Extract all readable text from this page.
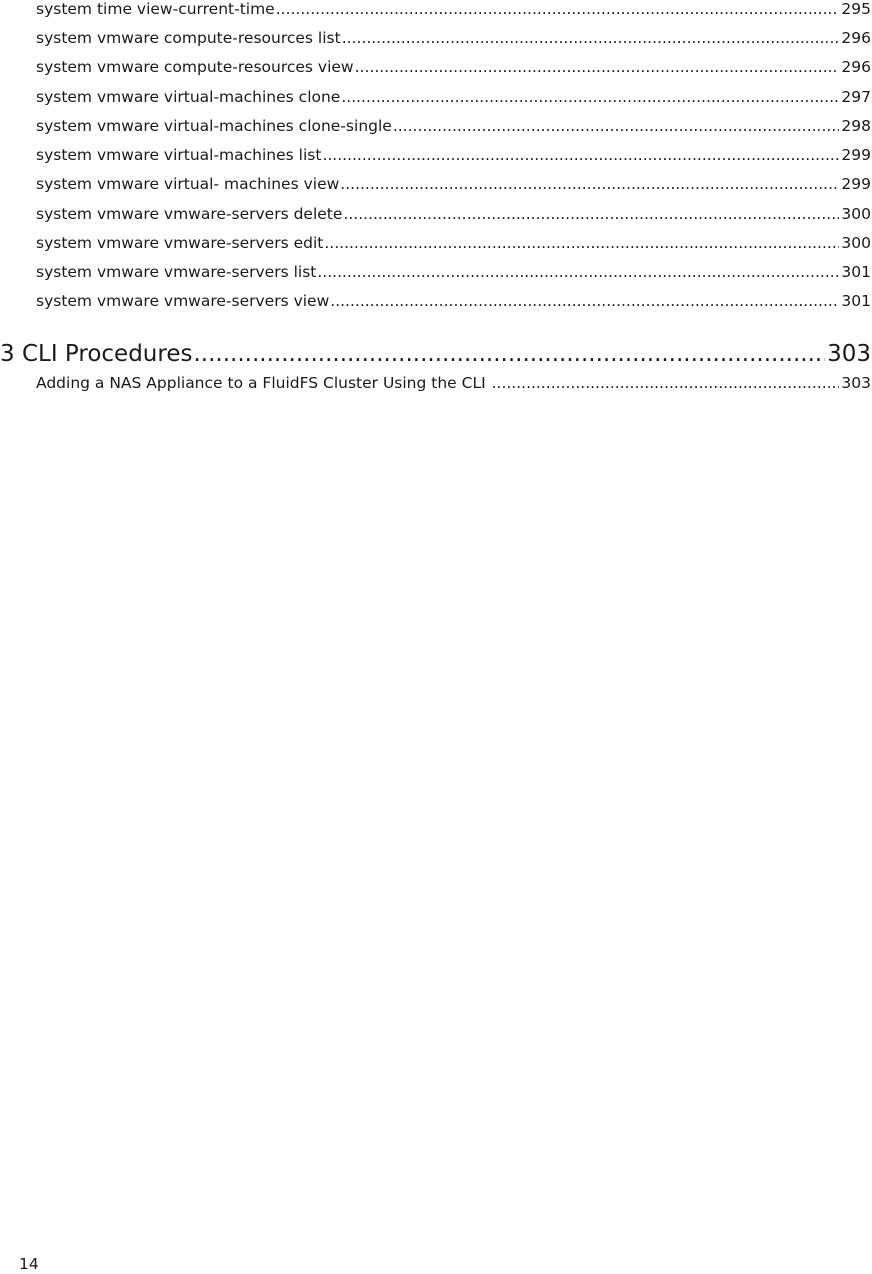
system time view-current-time .....	295
system vmware compute-resources list .....	296
system vmware compute-resources view .....	296
system vmware virtual-machines clone .....	297
system vmware virtual-machines clone-single .....	298
system vmware virtual-machines list .....	299
system vmware virtual- machines view .....	299
system vmware vmware-servers delete .....	300
system vmware vmware-servers edit .....	300
system vmware vmware-servers list .....	301
system vmware vmware-servers view .....	301
3 CLI Procedures .....	303
Adding a NAS Appliance to a FluidFS Cluster Using the CLI .....	303
14
